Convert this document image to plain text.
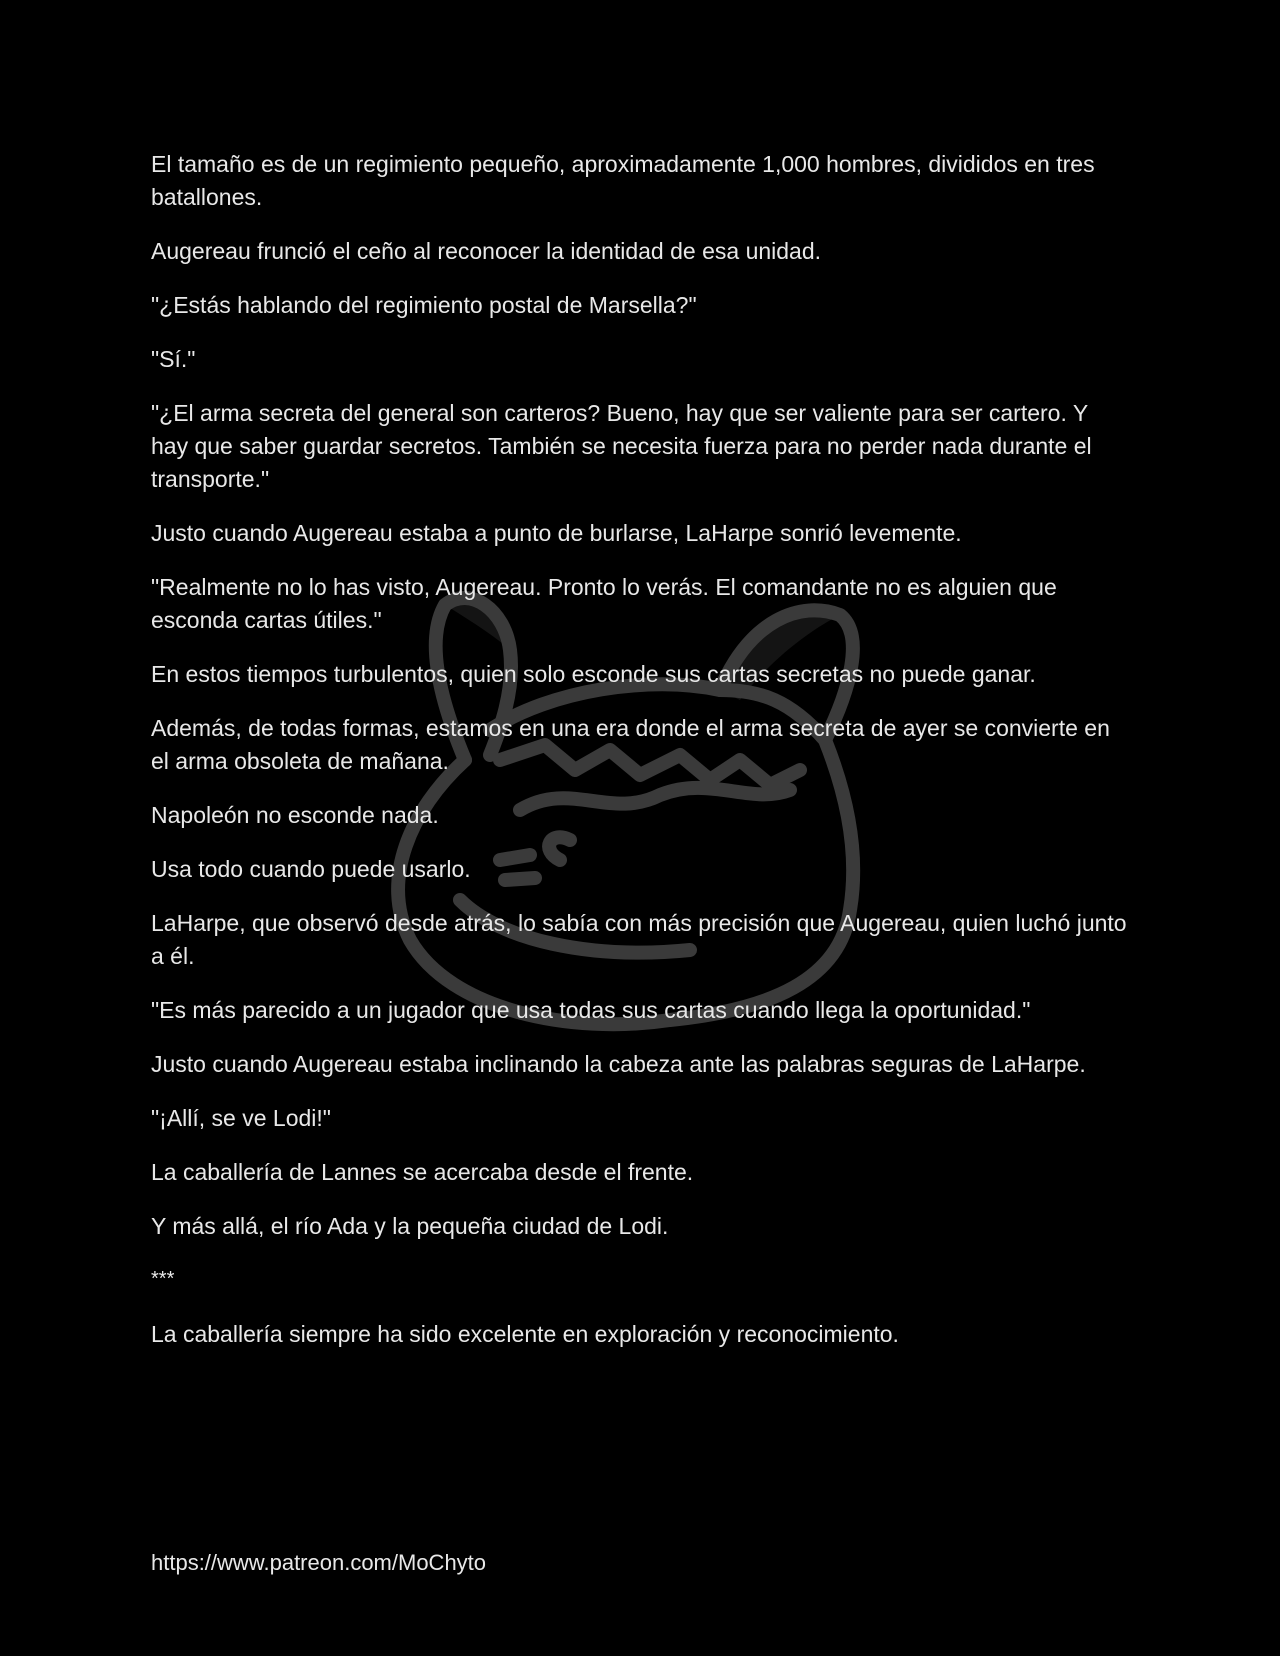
El tamaño es de un regimiento pequeño, aproximadamente 1,000 hombres, divididos en tres batallones.

Augereau frunció el ceño al reconocer la identidad de esa unidad.

"¿Estás hablando del regimiento postal de Marsella?"

"Sí."

"¿El arma secreta del general son carteros? Bueno, hay que ser valiente para ser cartero. Y hay que saber guardar secretos. También se necesita fuerza para no perder nada durante el transporte."

Justo cuando Augereau estaba a punto de burlarse, LaHarpe sonrió levemente.

"Realmente no lo has visto, Augereau. Pronto lo verás. El comandante no es alguien que esconda cartas útiles."

En estos tiempos turbulentos, quien solo esconde sus cartas secretas no puede ganar.

Además, de todas formas, estamos en una era donde el arma secreta de ayer se convierte en el arma obsoleta de mañana.

Napoleón no esconde nada.

Usa todo cuando puede usarlo.

LaHarpe, que observó desde atrás, lo sabía con más precisión que Augereau, quien luchó junto a él.

"Es más parecido a un jugador que usa todas sus cartas cuando llega la oportunidad."

Justo cuando Augereau estaba inclinando la cabeza ante las palabras seguras de LaHarpe.

"¡Allí, se ve Lodi!"

La caballería de Lannes se acercaba desde el frente.

Y más allá, el río Ada y la pequeña ciudad de Lodi.

***

La caballería siempre ha sido excelente en exploración y reconocimiento.

https://www.patreon.com/MoChyto
